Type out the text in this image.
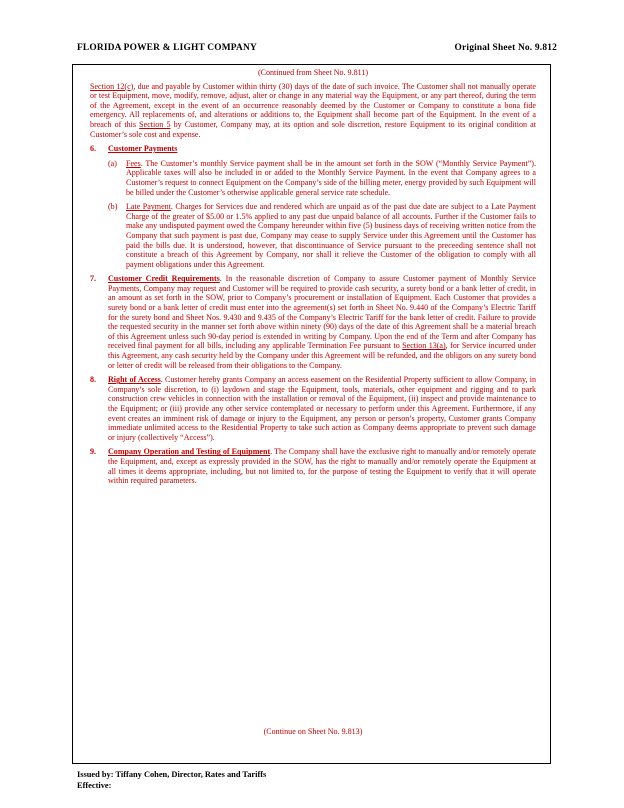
FLORIDA POWER & LIGHT COMPANY	Original Sheet No. 9.812

(Continued from Sheet No. 9.811)

Section 12(c), due and payable by Customer within thirty (30) days of the date of such invoice. The Customer shall not manually operate or test Equipment, move, modify, remove, adjust, alter or change in any material way the Equipment, or any part thereof, during the term of the Agreement, except in the event of an occurrence reasonably deemed by the Customer or Company to constitute a bona fide emergency. All replacements of, and alterations or additions to, the Equipment shall become part of the Equipment. In the event of a breach of this Section 5 by Customer, Company may, at its option and sole discretion, restore Equipment to its original condition at Customer’s sole cost and expense.

6. Customer Payments
(a) Fees. The Customer’s monthly Service payment shall be in the amount set forth in the SOW (“Monthly Service Payment”). Applicable taxes will also be included in or added to the Monthly Service Payment. In the event that Company agrees to a Customer’s request to connect Equipment on the Company’s side of the billing meter, energy provided by such Equipment will be billed under the Customer’s otherwise applicable general service rate schedule.
(b) Late Payment. Charges for Services due and rendered which are unpaid as of the past due date are subject to a Late Payment Charge of the greater of $5.00 or 1.5% applied to any past due unpaid balance of all accounts. Further if the Customer fails to make any undisputed payment owed the Company hereunder within five (5) business days of receiving written notice from the Company that such payment is past due, Company may cease to supply Service under this Agreement until the Customer has paid the bills due. It is understood, however, that discontinuance of Service pursuant to the preceeding sentence shall not constitute a breach of this Agreement by Company, nor shall it relieve the Customer of the obligation to comply with all payment obligations under this Agreement.
7. Customer Credit Requirements. In the reasonable discretion of Company to assure Customer payment of Monthly Service Payments, Company may request and Customer will be required to provide cash security, a surety bond or a bank letter of credit, in an amount as set forth in the SOW, prior to Company’s procurement or installation of Equipment. Each Customer that provides a surety bond or a bank letter of credit must enter into the agreement(s) set forth in Sheet No. 9.440 of the Company’s Electric Tariff for the surety bond and Sheet Nos. 9.430 and 9.435 of the Company’s Electric Tariff for the bank letter of credit. Failure to provide the requested security in the manner set forth above within ninety (90) days of the date of this Agreement shall be a material breach of this Agreement unless such 90-day period is extended in writing by Company. Upon the end of the Term and after Company has received final payment for all bills, including any applicable Termination Fee pursuant to Section 13(a), for Service incurred under this Agreement, any cash security held by the Company under this Agreement will be refunded, and the obligors on any surety bond or letter of credit will be released from their obligations to the Company.
8. Right of Access. Customer hereby grants Company an access easement on the Residential Property sufficient to allow Company, in Company’s sole discretion, to (i) laydown and stage the Equipment, tools, materials, other equipment and rigging and to park construction crew vehicles in connection with the installation or removal of the Equipment, (ii) inspect and provide maintenance to the Equipment; or (iii) provide any other service contemplated or necessary to perform under this Agreement. Furthermore, if any event creates an imminent risk of damage or injury to the Equipment, any person or person’s property, Customer grants Company immediate unlimited access to the Residential Property to take such action as Company deems appropriate to prevent such damage or injury (collectively “Access”).
9. Company Operation and Testing of Equipment. The Company shall have the exclusive right to manually and/or remotely operate the Equipment, and, except as expressly provided in the SOW, has the right to manually and/or remotely operate the Equipment at all times it deems appropriate, including, but not limited to, for the purpose of testing the Equipment to verify that it will operate within required parameters.
(Continue on Sheet No. 9.813)
Issued by: Tiffany Cohen, Director, Rates and Tariffs
Effective:
